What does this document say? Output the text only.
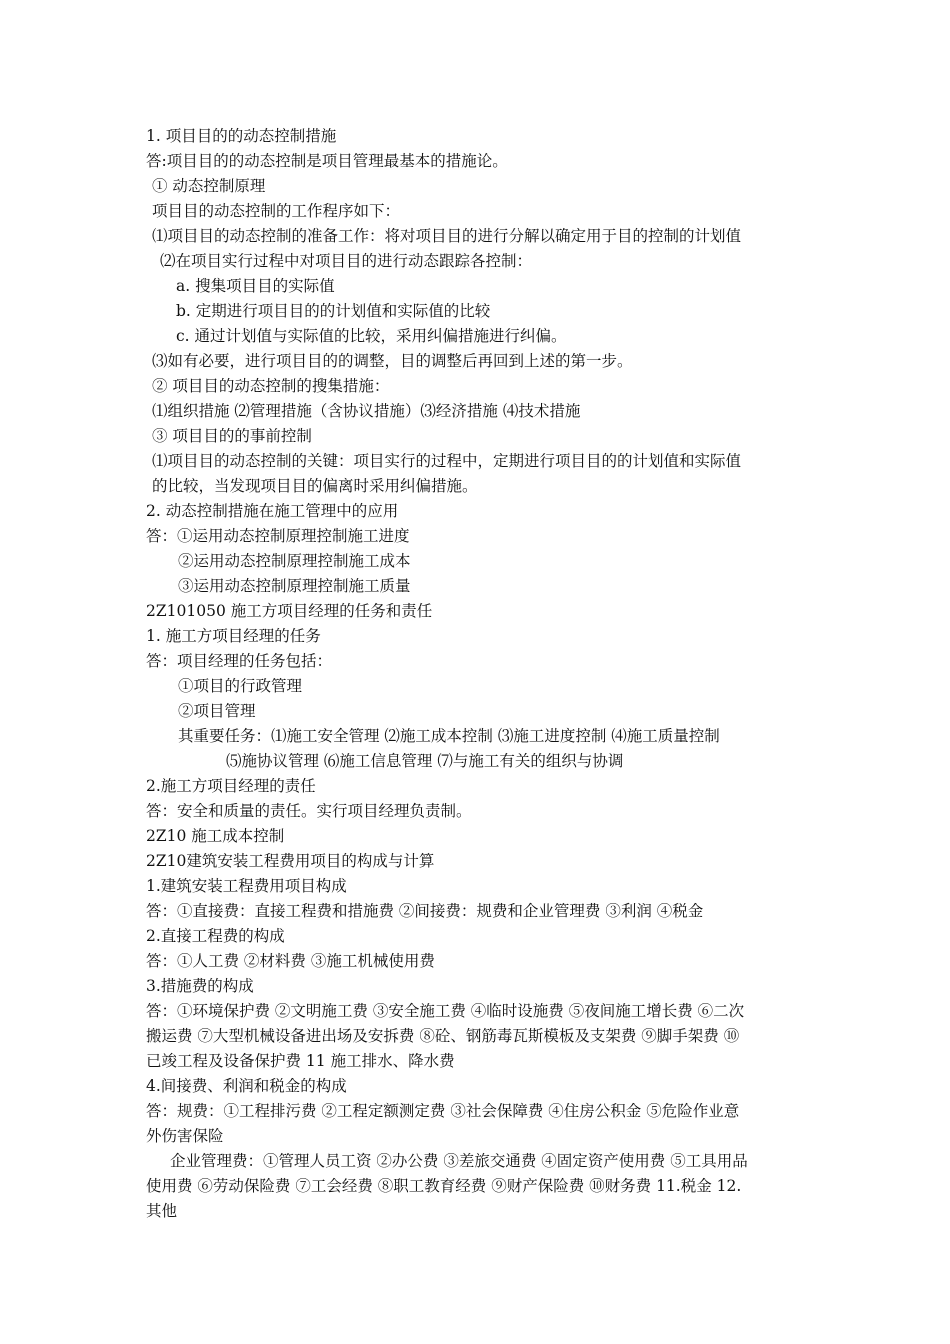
1. 项目目的的动态控制措施
答:项目目的的动态控制是项目管理最基本的措施论。
① 动态控制原理
项目目的动态控制的工作程序如下：
⑴项目目的动态控制的准备工作：将对项目目的进行分解以确定用于目的控制的计划值
⑵在项目实行过程中对项目目的进行动态跟踪各控制：
a. 搜集项目目的实际值
b. 定期进行项目目的的计划值和实际值的比较
c. 通过计划值与实际值的比较，采用纠偏措施进行纠偏。
⑶如有必要，进行项目目的的调整，目的调整后再回到上述的第一步。
② 项目目的动态控制的搜集措施：
⑴组织措施 ⑵管理措施（含协议措施）⑶经济措施 ⑷技术措施
③ 项目目的的事前控制
⑴项目目的动态控制的关键：项目实行的过程中，定期进行项目目的的计划值和实际值
的比较，当发现项目目的偏离时采用纠偏措施。
2. 动态控制措施在施工管理中的应用
答：①运用动态控制原理控制施工进度
②运用动态控制原理控制施工成本
③运用动态控制原理控制施工质量
2Z101050 施工方项目经理的任务和责任
1. 施工方项目经理的任务
答：项目经理的任务包括：
①项目的行政管理
②项目管理
其重要任务：⑴施工安全管理 ⑵施工成本控制 ⑶施工进度控制 ⑷施工质量控制
⑸施协议管理 ⑹施工信息管理 ⑺与施工有关的组织与协调
2.施工方项目经理的责任
答：安全和质量的责任。实行项目经理负责制。
2Z10 施工成本控制
2Z10建筑安装工程费用项目的构成与计算
1.建筑安装工程费用项目构成
答：①直接费：直接工程费和措施费 ②间接费：规费和企业管理费 ③利润 ④税金
2.直接工程费的构成
答：①人工费 ②材料费 ③施工机械使用费
3.措施费的构成
答：①环境保护费 ②文明施工费 ③安全施工费 ④临时设施费 ⑤夜间施工增长费 ⑥二次
搬运费 ⑦大型机械设备进出场及安拆费 ⑧砼、钢筋毒瓦斯模板及支架费 ⑨脚手架费 ⑩
已竣工程及设备保护费 11 施工排水、降水费
4.间接费、利润和税金的构成
答：规费：①工程排污费 ②工程定额测定费 ③社会保障费 ④住房公积金 ⑤危险作业意
外伤害保险
企业管理费：①管理人员工资 ②办公费 ③差旅交通费 ④固定资产使用费 ⑤工具用品
使用费 ⑥劳动保险费 ⑦工会经费 ⑧职工教育经费 ⑨财产保险费 ⑩财务费 11.税金 12.
其他
